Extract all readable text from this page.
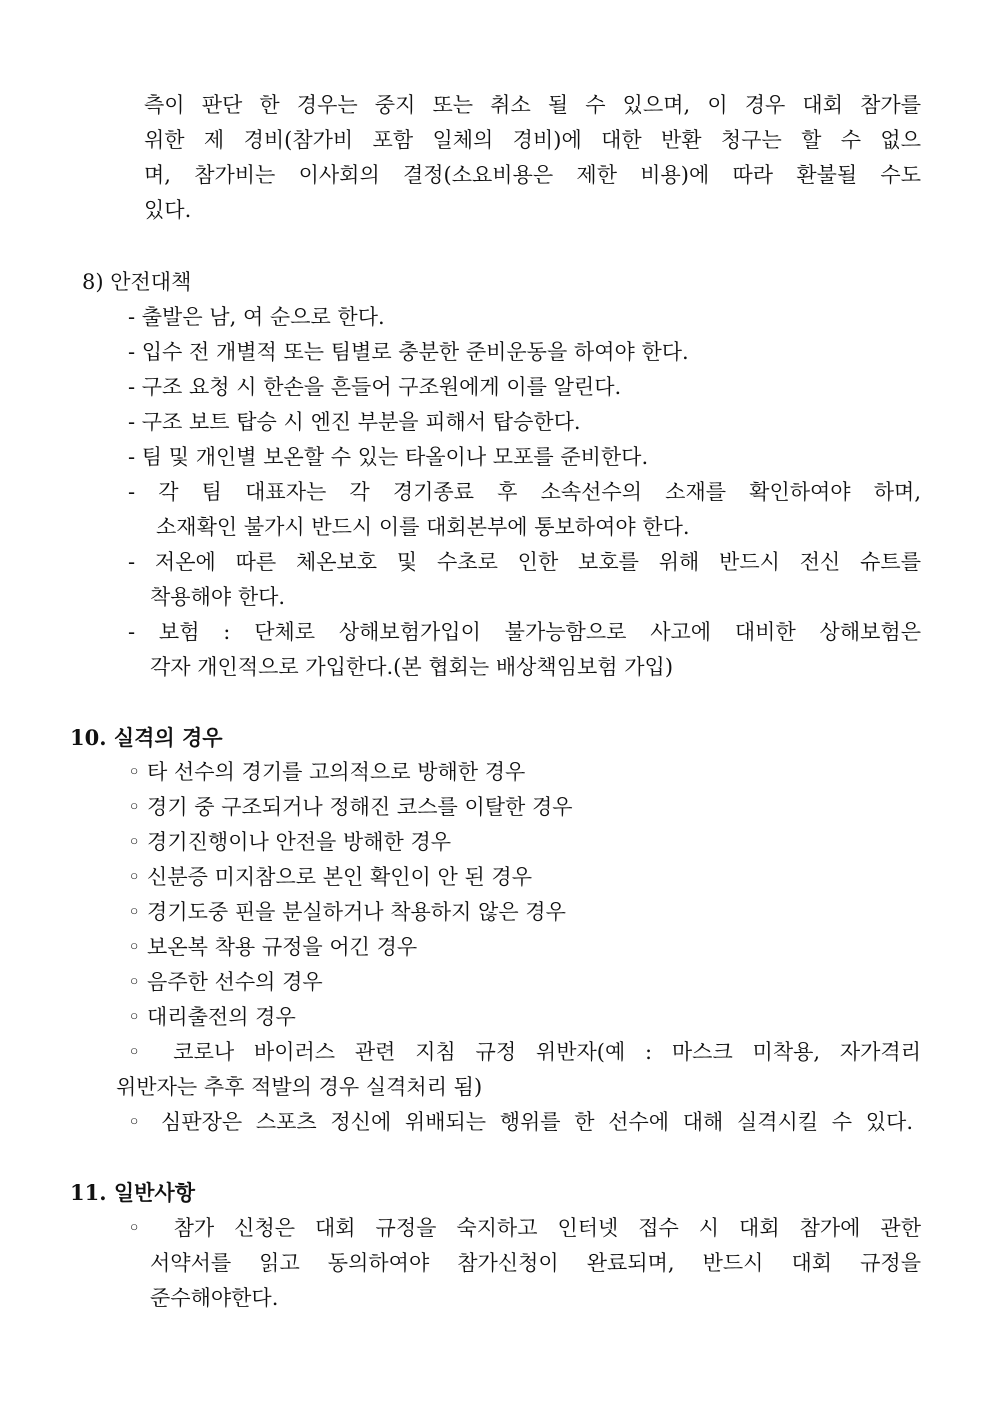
측이 판단 한 경우는 중지 또는 취소 될 수 있으며, 이 경우 대회 참가를
위한 제 경비(참가비 포함 일체의 경비)에 대한 반환 청구는 할 수 없으
며, 참가비는 이사회의 결정(소요비용은 제한 비용)에 따라 환불될 수도
있다.
8) 안전대책
- 출발은 남, 여 순으로 한다.
- 입수 전 개별적 또는 팀별로 충분한 준비운동을 하여야 한다.
- 구조 요청 시 한손을 흔들어 구조원에게 이를 알린다.
- 구조 보트 탑승 시 엔진 부분을 피해서 탑승한다.
- 팀 및 개인별 보온할 수 있는 타올이나 모포를 준비한다.
- 각 팀 대표자는 각 경기종료 후 소속선수의 소재를 확인하여야 하며,
소재확인 불가시 반드시 이를 대회본부에 통보하여야 한다.
- 저온에 따른 체온보호 및 수초로 인한 보호를 위해 반드시 전신 슈트를
착용해야 한다.
- 보험 : 단체로 상해보험가입이 불가능함으로 사고에 대비한 상해보험은
각자 개인적으로 가입한다.(본 협회는 배상책임보험 가입)
10. 실격의 경우
◦ 타 선수의 경기를 고의적으로 방해한 경우
◦ 경기 중 구조되거나 정해진 코스를 이탈한 경우
◦ 경기진행이나 안전을 방해한 경우
◦ 신분증 미지참으로 본인 확인이 안 된 경우
◦ 경기도중 핀을 분실하거나 착용하지 않은 경우
◦ 보온복 착용 규정을 어긴 경우
◦ 음주한 선수의 경우
◦ 대리출전의 경우
◦ 코로나 바이러스 관련 지침 규정 위반자(예 : 마스크 미착용, 자가격리
위반자는 추후 적발의 경우 실격처리 됨)
◦ 심판장은 스포츠 정신에 위배되는 행위를 한 선수에 대해 실격시킬 수 있다.
11. 일반사항
◦ 참가 신청은 대회 규정을 숙지하고 인터넷 접수 시 대회 참가에 관한
서약서를 읽고 동의하여야 참가신청이 완료되며, 반드시 대회 규정을
준수해야한다.
